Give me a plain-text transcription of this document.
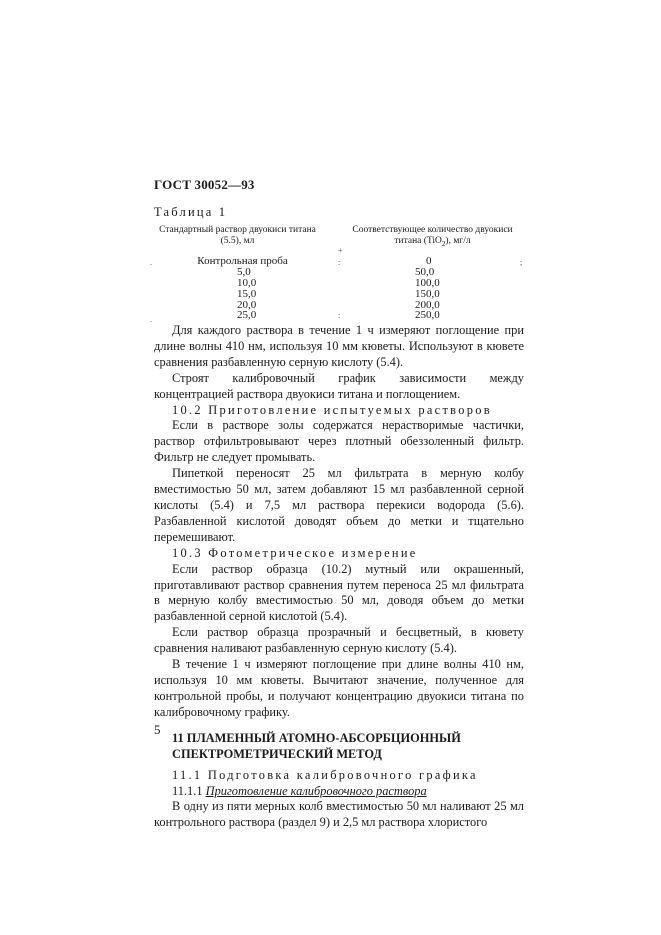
ГОСТ 30052—93
Таблица 1
Стандартный раствор двуокиси титана
(5.5), мл
Соответствующее количество двуокиси
титана (TiO$_2$), мг/л
+
:	;
:
.
.
Контрольная проба	0
5,0	50,0
10,0	100,0
15,0	150,0
20,0	200,0
25,0	250,0

Для каждого раствора в течение 1 ч измеряют поглощение при длине волны 410 нм, используя 10 мм кюветы. Используют в кювете сравнения разбавленную серную кислоту (5.4).

Строят калибровочный график зависимости между концентрацией раствора двуокиси титана и поглощением.

10.2 Приготовление испытуемых растворов

Если в растворе золы содержатся нерастворимые частички, раствор отфильтровывают через плотный обеззоленный фильтр. Фильтр не следует промывать.

Пипеткой переносят 25 мл фильтрата в мерную колбу вместимостью 50 мл, затем добавляют 15 мл разбавленной серной кислоты (5.4) и 7,5 мл раствора перекиси водорода (5.6). Разбавленной кислотой доводят объем до метки и тщательно перемешивают.

10.3 Фотометрическое измерение

Если раствор образца (10.2) мутный или окрашенный, приготавливают раствор сравнения путем переноса 25 мл фильтрата в мерную колбу вместимостью 50 мл, доводя объем до метки разбавленной серной кислотой (5.4).

Если раствор образца прозрачный и бесцветный, в кювету сравнения наливают разбавленную серную кислоту (5.4).

В течение 1 ч измеряют поглощение при длине волны 410 нм, используя 10 мм кюветы. Вычитают значение, полученное для контрольной пробы, и получают концентрацию двуокиси титана по калибровочному графику.

11 ПЛАМЕННЫЙ АТОМНО-АБСОРБЦИОННЫЙ
СПЕКТРОМЕТРИЧЕСКИЙ МЕТОД

11.1 Подготовка калибровочного графика

11.1.1 Приготовление калибровочного раствора

В одну из пяти мерных колб вместимостью 50 мл наливают 25 мл контрольного раствора (раздел 9) и 2,5 мл раствора хлористого

5
